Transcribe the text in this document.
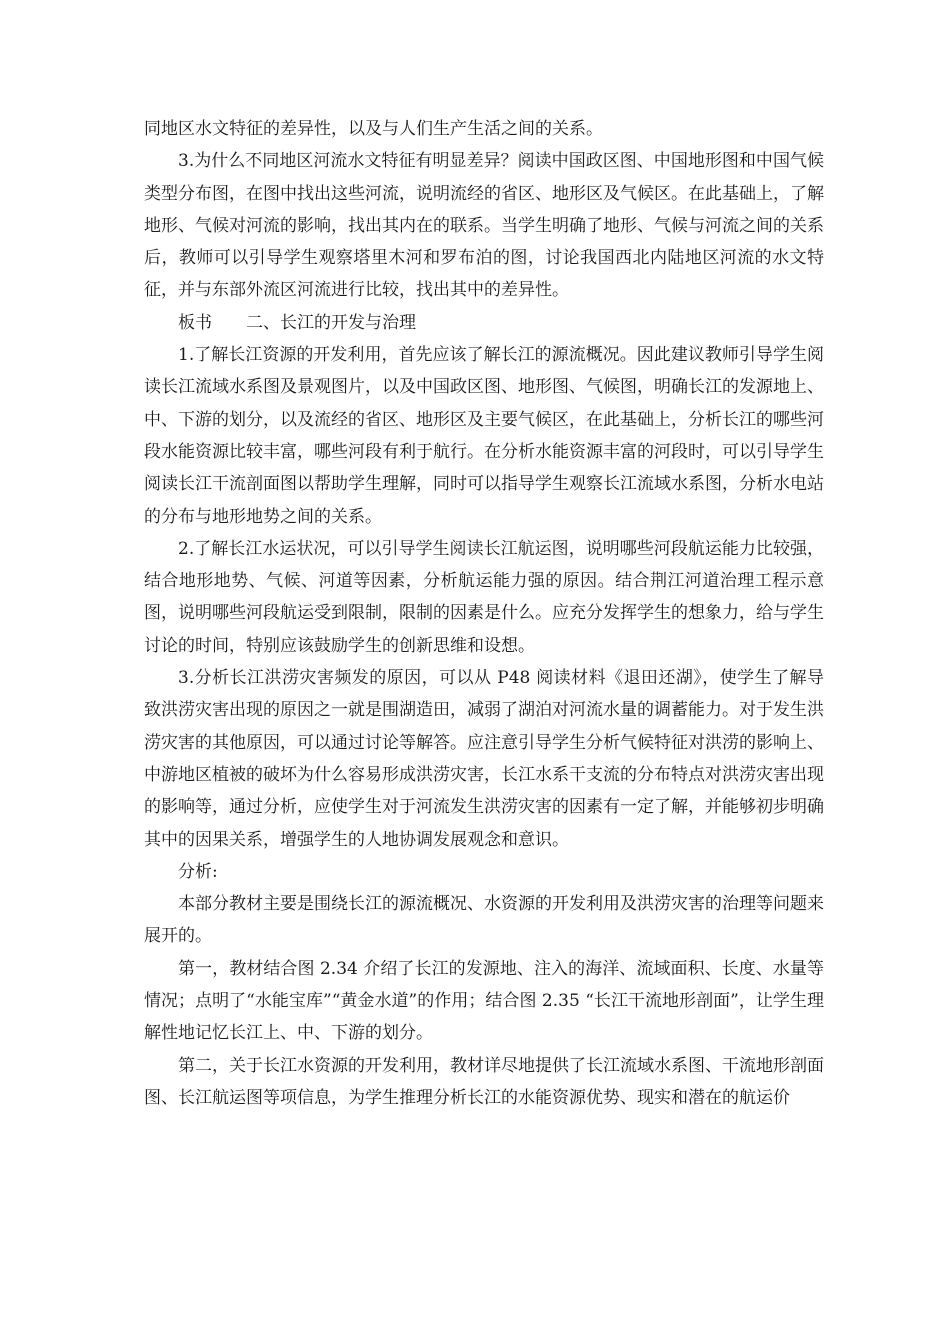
同地区水文特征的差异性，以及与人们生产生活之间的关系。

3.为什么不同地区河流水文特征有明显差异？阅读中国政区图、中国地形图和中国气候类型分布图，在图中找出这些河流，说明流经的省区、地形区及气候区。在此基础上，了解地形、气候对河流的影响，找出其内在的联系。当学生明确了地形、气候与河流之间的关系后，教师可以引导学生观察塔里木河和罗布泊的图，讨论我国西北内陆地区河流的水文特征，并与东部外流区河流进行比较，找出其中的差异性。

板书　　二、长江的开发与治理

1.了解长江资源的开发利用，首先应该了解长江的源流概况。因此建议教师引导学生阅读长江流域水系图及景观图片，以及中国政区图、地形图、气候图，明确长江的发源地上、中、下游的划分，以及流经的省区、地形区及主要气候区，在此基础上，分析长江的哪些河段水能资源比较丰富，哪些河段有利于航行。在分析水能资源丰富的河段时，可以引导学生阅读长江干流剖面图以帮助学生理解，同时可以指导学生观察长江流域水系图，分析水电站的分布与地形地势之间的关系。

2.了解长江水运状况，可以引导学生阅读长江航运图，说明哪些河段航运能力比较强，结合地形地势、气候、河道等因素，分析航运能力强的原因。结合荆江河道治理工程示意图，说明哪些河段航运受到限制，限制的因素是什么。应充分发挥学生的想象力，给与学生讨论的时间，特别应该鼓励学生的创新思维和设想。

3.分析长江洪涝灾害频发的原因，可以从 P48 阅读材料《退田还湖》，使学生了解导致洪涝灾害出现的原因之一就是围湖造田，减弱了湖泊对河流水量的调蓄能力。对于发生洪涝灾害的其他原因，可以通过讨论等解答。应注意引导学生分析气候特征对洪涝的影响上、中游地区植被的破坏为什么容易形成洪涝灾害，长江水系干支流的分布特点对洪涝灾害出现的影响等，通过分析，应使学生对于河流发生洪涝灾害的因素有一定了解，并能够初步明确其中的因果关系，增强学生的人地协调发展观念和意识。

分析:

本部分教材主要是围绕长江的源流概况、水资源的开发利用及洪涝灾害的治理等问题来展开的。

第一，教材结合图 2.34 介绍了长江的发源地、注入的海洋、流域面积、长度、水量等情况；点明了“水能宝库”“黄金水道”的作用；结合图 2.35 “长江干流地形剖面”，让学生理解性地记忆长江上、中、下游的划分。

第二，关于长江水资源的开发利用，教材详尽地提供了长江流域水系图、干流地形剖面图、长江航运图等项信息，为学生推理分析长江的水能资源优势、现实和潜在的航运价
